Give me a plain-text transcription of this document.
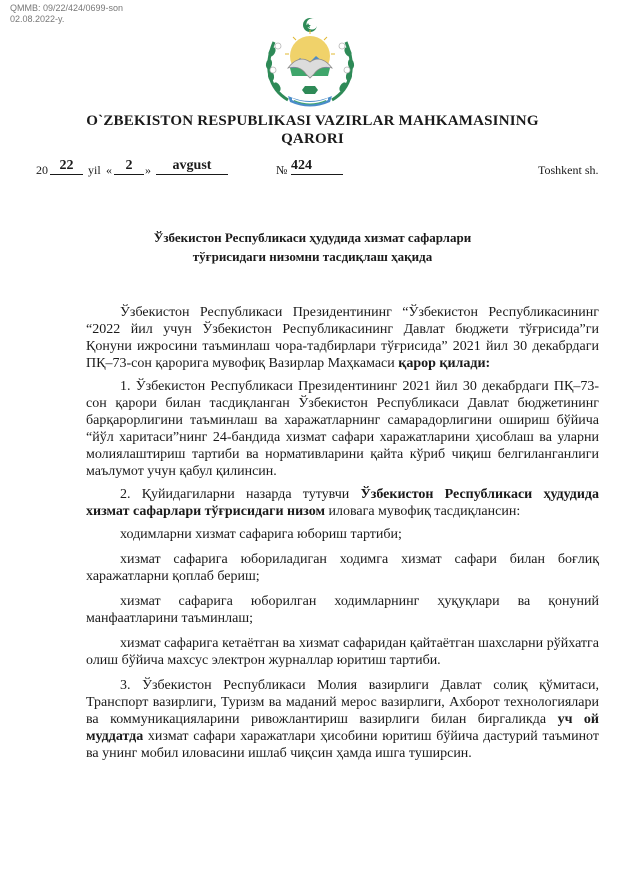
QMMB: 09/22/424/0699-son
02.08.2022-y.
O`ZBEKISTON RESPUBLIKASI VAZIRLAR MAHKAMASINING
QARORI
20 22	yil « 2	»	avgust	№ 424	Toshkent sh.
Ўзбекистон Республикаси ҳудудида хизмат сафарлари
тўғрисидаги низомни тасдиқлаш ҳақида

Ўзбекистон Республикаси Президентининг “Ўзбекистон Республикасининг “2022 йил учун Ўзбекистон Республикасининг Давлат бюджети тўғрисида”ги Қонуни ижросини таъминлаш чора-тадбирлари тўғрисида” 2021 йил 30 декабрдаги ПҚ–73-сон қарорига мувофиқ Вазирлар Маҳкамаси қарор қилади:

1. Ўзбекистон Республикаси Президентининг 2021 йил 30 декабрдаги ПҚ–73-сон қарори билан тасдиқланган Ўзбекистон Республикаси Давлат бюджетининг барқарорлигини таъминлаш ва харажатларнинг самарадорлигини ошириш бўйича “йўл харитаси”нинг 24-бандида хизмат сафари харажатларини ҳисоблаш ва уларни молиялаштириш тартиби ва нормативларини қайта кўриб чиқиш белгиланганлиги маълумот учун қабул қилинсин.

2. Қуйидагиларни назарда тутувчи Ўзбекистон Республикаси ҳудудида хизмат сафарлари тўғрисидаги низом иловага мувофиқ тасдиқлансин:

ходимларни хизмат сафарига юбориш тартиби;

хизмат сафарига юбориладиган ходимга хизмат сафари билан боғлиқ харажатларни қоплаб бериш;

хизмат сафарига юборилган ходимларнинг ҳуқуқлари ва қонуний манфаатларини таъминлаш;

хизмат сафарига кетаётган ва хизмат сафаридан қайтаётган шахсларни рўйхатга олиш бўйича махсус электрон журналлар юритиш тартиби.

3. Ўзбекистон Республикаси Молия вазирлиги Давлат солиқ қўмитаси, Транспорт вазирлиги, Туризм ва маданий мерос вазирлиги, Ахборот технологиялари ва коммуникацияларини ривожлантириш вазирлиги билан биргаликда уч ой муддатда хизмат сафари харажатлари ҳисобини юритиш бўйича дастурий таъминот ва унинг мобил иловасини ишлаб чиқсин ҳамда ишга туширсин.
